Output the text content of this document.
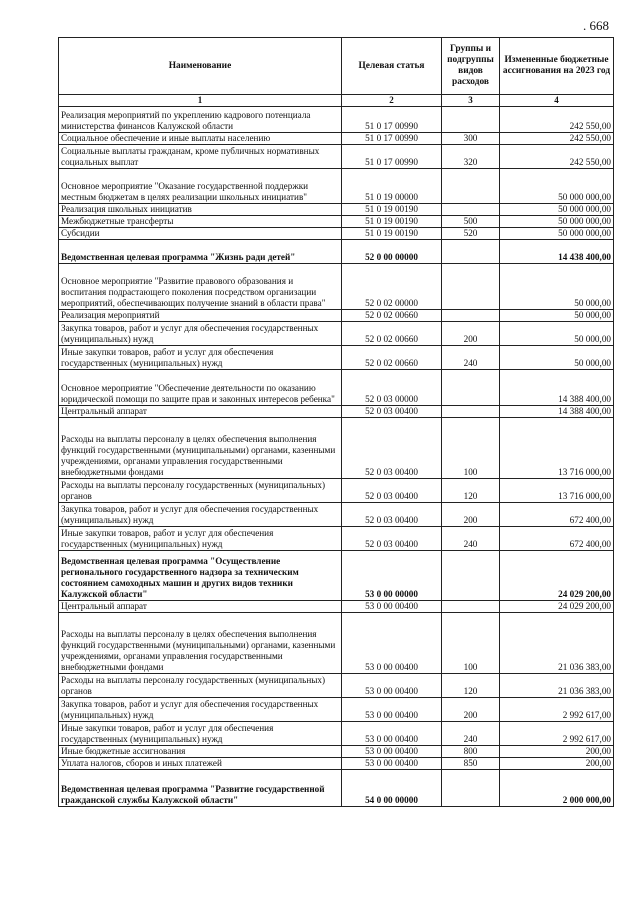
. 668
Наименование	Целевая статья	Группы и подгруппы видов расходов	Измененные бюджетные ассигнования на 2023 год
1	2	3	4
Реализация мероприятий по укреплению кадрового потенциала министерства финансов Калужской области	51 0 17 00990		242 550,00
Социальное обеспечение и иные выплаты населению	51 0 17 00990	300	242 550,00
Социальные выплаты гражданам, кроме публичных нормативных социальных выплат	51 0 17 00990	320	242 550,00
Основное мероприятие "Оказание государственной поддержки местным бюджетам в целях реализации школьных инициатив"	51 0 19 00000		50 000 000,00
Реализация школьных инициатив	51 0 19 00190		50 000 000,00
Межбюджетные трансферты	51 0 19 00190	500	50 000 000,00
Субсидии	51 0 19 00190	520	50 000 000,00
Ведомственная целевая программа "Жизнь ради детей"	52 0 00 00000		14 438 400,00
Основное мероприятие "Развитие правового образования и воспитания подрастающего поколения посредством организации мероприятий, обеспечивающих получение знаний в области права"	52 0 02 00000		50 000,00
Реализация мероприятий	52 0 02 00660		50 000,00
Закупка товаров, работ и услуг для обеспечения государственных (муниципальных) нужд	52 0 02 00660	200	50 000,00
Иные закупки товаров, работ и услуг для обеспечения государственных (муниципальных) нужд	52 0 02 00660	240	50 000,00
Основное мероприятие "Обеспечение деятельности по оказанию юридической помощи по защите прав и законных интересов ребенка"	52 0 03 00000		14 388 400,00
Центральный аппарат	52 0 03 00400		14 388 400,00
Расходы на выплаты персоналу в целях обеспечения выполнения функций государственными (муниципальными) органами, казенными учреждениями, органами управления государственными внебюджетными фондами	52 0 03 00400	100	13 716 000,00
Расходы на выплаты персоналу государственных (муниципальных) органов	52 0 03 00400	120	13 716 000,00
Закупка товаров, работ и услуг для обеспечения государственных (муниципальных) нужд	52 0 03 00400	200	672 400,00
Иные закупки товаров, работ и услуг для обеспечения государственных (муниципальных) нужд	52 0 03 00400	240	672 400,00
Ведомственная целевая программа "Осуществление регионального государственного надзора за техническим состоянием самоходных машин и других видов техники Калужской области"	53 0 00 00000		24 029 200,00
Центральный аппарат	53 0 00 00400		24 029 200,00
Расходы на выплаты персоналу в целях обеспечения выполнения функций государственными (муниципальными) органами, казенными учреждениями, органами управления государственными внебюджетными фондами	53 0 00 00400	100	21 036 383,00
Расходы на выплаты персоналу государственных (муниципальных) органов	53 0 00 00400	120	21 036 383,00
Закупка товаров, работ и услуг для обеспечения государственных (муниципальных) нужд	53 0 00 00400	200	2 992 617,00
Иные закупки товаров, работ и услуг для обеспечения государственных (муниципальных) нужд	53 0 00 00400	240	2 992 617,00
Иные бюджетные ассигнования	53 0 00 00400	800	200,00
Уплата налогов, сборов и иных платежей	53 0 00 00400	850	200,00
Ведомственная целевая программа "Развитие государственной гражданской службы Калужской области"	54 0 00 00000		2 000 000,00
